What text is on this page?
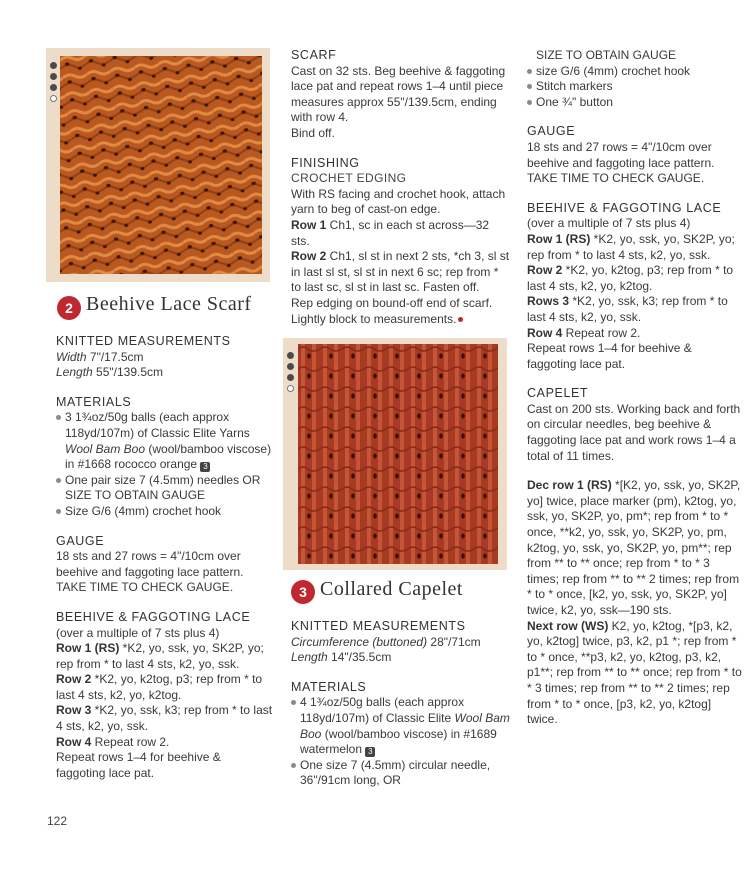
2 Beehive Lace Scarf

KNITTED MEASUREMENTS

Width 7"/17.5cm

Length 55"/139.5cm

MATERIALS

3 1¾oz/50g balls (each approx 118yd/107m) of Classic Elite Yarns Wool Bam Boo (wool/bamboo viscose) in #1668 rococco orange 3

One pair size 7 (4.5mm) needles OR SIZE TO OBTAIN GAUGE

Size G/6 (4mm) crochet hook

GAUGE

18 sts and 27 rows = 4"/10cm over beehive and faggoting lace pattern. TAKE TIME TO CHECK GAUGE.

BEEHIVE & FAGGOTING LACE

(over a multiple of 7 sts plus 4)

Row 1 (RS) *K2, yo, ssk, yo, SK2P, yo; rep from * to last 4 sts, k2, yo, ssk.

Row 2 *K2, yo, k2tog, p3; rep from * to last 4 sts, k2, yo, k2tog.

Row 3 *K2, yo, ssk, k3; rep from * to last 4 sts, k2, yo, ssk.

Row 4 Repeat row 2.

Repeat rows 1–4 for beehive & faggoting lace pat.

SCARF

Cast on 32 sts. Beg beehive & faggoting lace pat and repeat rows 1–4 until piece measures approx 55"/139.5cm, ending with row 4.

Bind off.

FINISHING

CROCHET EDGING

With RS facing and crochet hook, attach yarn to beg of cast-on edge.

Row 1 Ch1, sc in each st across—32 sts.

Row 2 Ch1, sl st in next 2 sts, *ch 3, sl st in last sl st, sl st in next 6 sc; rep from * to last sc, sl st in last sc. Fasten off.

Rep edging on bound-off end of scarf. Lightly block to measurements.

3 Collared Capelet

KNITTED MEASUREMENTS

Circumference (buttoned) 28"/71cm

Length 14"/35.5cm

MATERIALS

4 1¾oz/50g balls (each approx 118yd/107m) of Classic Elite Wool Bam Boo (wool/bamboo viscose) in #1689 watermelon 3

One size 7 (4.5mm) circular needle, 36"/91cm long, OR

SIZE TO OBTAIN GAUGE

size G/6 (4mm) crochet hook

Stitch markers

One ¾" button

GAUGE

18 sts and 27 rows = 4"/10cm over beehive and faggoting lace pattern. TAKE TIME TO CHECK GAUGE.

BEEHIVE & FAGGOTING LACE

(over a multiple of 7 sts plus 4)

Row 1 (RS) *K2, yo, ssk, yo, SK2P, yo; rep from * to last 4 sts, k2, yo, ssk.

Row 2 *K2, yo, k2tog, p3; rep from * to last 4 sts, k2, yo, k2tog.

Rows 3 *K2, yo, ssk, k3; rep from * to last 4 sts, k2, yo, ssk.

Row 4 Repeat row 2.

Repeat rows 1–4 for beehive & faggoting lace pat.

CAPELET

Cast on 200 sts. Working back and forth on circular needles, beg beehive & faggoting lace pat and work rows 1–4 a total of 11 times.

Dec row 1 (RS) *[K2, yo, ssk, yo, SK2P, yo] twice, place marker (pm), k2tog, yo, ssk, yo, SK2P, yo, pm*; rep from * to * once, **k2, yo, ssk, yo, SK2P, yo, pm, k2tog, yo, ssk, yo, SK2P, yo, pm**; rep from ** to ** once; rep from * to * 3 times; rep from ** to ** 2 times; rep from * to * once, [k2, yo, ssk, yo, SK2P, yo] twice, k2, yo, ssk—190 sts.

Next row (WS) K2, yo, k2tog, *[p3, k2, yo, k2tog] twice, p3, k2, p1 *; rep from * to * once, **p3, k2, yo, k2tog, p3, k2, p1**; rep from ** to ** once; rep from * to * 3 times; rep from ** to ** 2 times; rep from * to * once, [p3, k2, yo, k2tog] twice.

122
